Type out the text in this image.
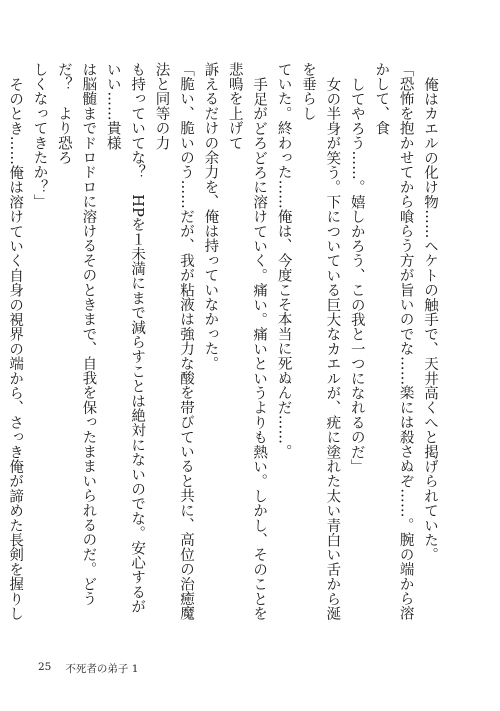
俺はカエルの化け物……ヘケトの触手で、天井高くへと掲げられていた。

「恐怖を抱かせてから喰らう方が旨いのでな……楽には殺さぬぞ……。腕の端から溶かして、食

してやろう……。嬉しかろう、この我と一つになれるのだ」

女の半身が笑う。下についている巨大なカエルが、疣に塗れた太い青白い舌から涎を垂らし

ていた。終わった……俺は、今度こそ本当に死ぬんだ……。

手足がどろどろに溶けていく。痛い。痛いというよりも熱い。しかし、そのことを悲鳴を上げて

訴えるだけの余力を、俺は持っていなかった。

「脆い、脆いのう……だが、我が粘液は強力な酸を帯びていると共に、高位の治癒魔法と同等の力

も持っていてな？　HPを１未満にまで減らすことは絶対にないのでな。安心するがいい……貴様

は脳髄までドロドロに溶けるそのときまで、自我を保ったままいられるのだ。どうだ？　より恐ろ

しくなってきたか？」

そのとき……俺は溶けていく自身の視界の端から、さっき俺が諦めた長剣を握りし

25 不死者の弟子 1
